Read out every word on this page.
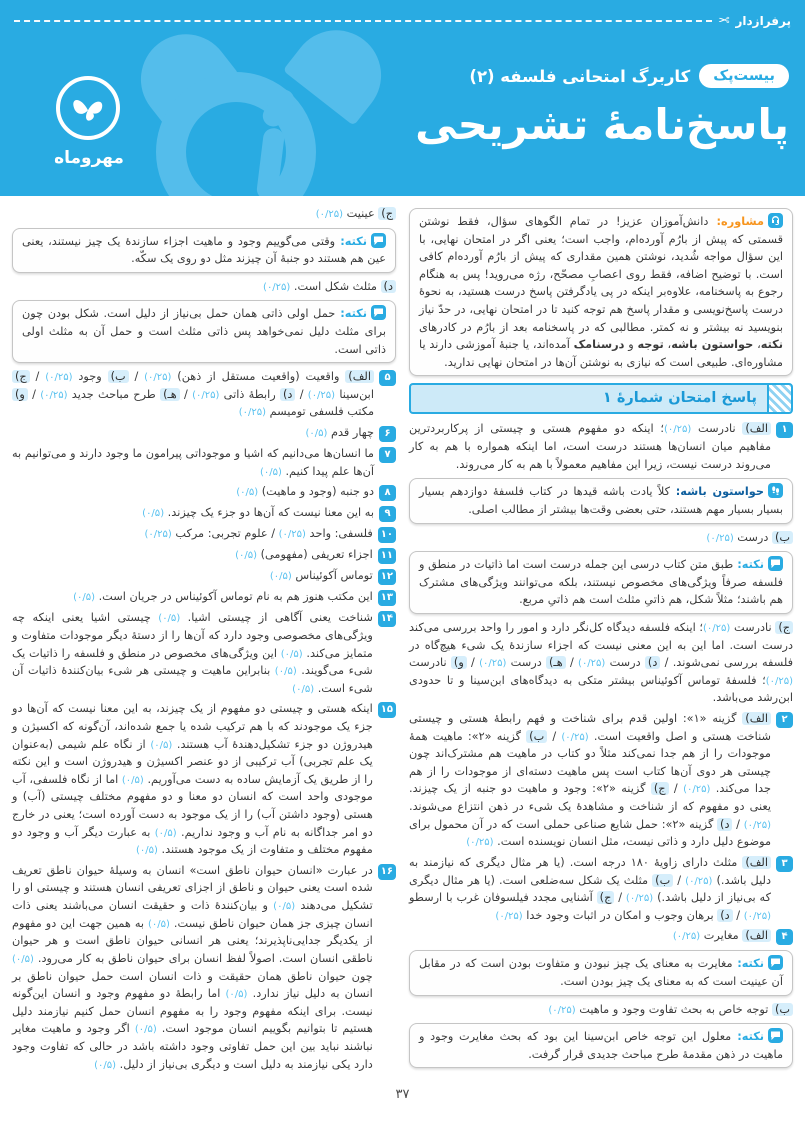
پرفرازدار
✂
مهروماه
بیست‌پک
کاربرگ امتحانی فلسفه (۲)
پاسخ‌نامهٔ تشریحی
مشاوره: دانش‌آموزان عزیز! در تمام الگوهای سؤال، فقط نوشتن قسمتی که پیش از بارُم آورده‌ام، واجب است؛ یعنی اگر در امتحان نهایی، با این سؤال مواجه شُدید، نوشتن همین مقداری که پیش از بارُم آورده‌ام کافی است. با توضیح اضافه، فقط روی اعصابِ مصحّح، رژه می‌روید! پس به هنگام رجوع به پاسخنامه، علاوه‌بر اینکه در پی یادگرفتن پاسخ درست هستید، به نحوهٔ درست پاسخ‌نویسی و مقدار پاسخ هم توجه کنید تا در امتحان نهایی، در حدّ نیاز بنویسید نه بیشتر و نه کمتر. مطالبی که در پاسخنامه بعد از بارُم در کادرهای نکته، حواستون باشه، توجه و درسنامک آمده‌اند، یا جنبهٔ آموزشی دارند یا مشاوره‌ای. طبیعی است که نیازی به نوشتن آن‌ها در امتحان نهایی ندارید.
پاسخ امتحان شمارهٔ ۱
۱
الف) نادرست (۰/۲۵)؛ اینکه دو مفهوم هستی و چیستی از پرکاربردترین مفاهیم میان انسان‌ها هستند درست است، اما اینکه همواره با هم به کار می‌روند درست نیست، زیرا این مفاهیم معمولاً با هم به کار می‌روند.
حواستون باشه: کلاً یادت باشه قیدها در کتاب فلسفهٔ دوازدهم بسیار بسیار بسیار مهم هستند، حتی بعضی وقت‌ها بیشتر از مطالب اصلی.
ب) درست (۰/۲۵)
نکته: طبق متن کتاب درسی این جمله درست است اما ذاتیات در منطق و فلسفه صرفاً ویژگی‌های مخصوص نیستند، بلکه می‌توانند ویژگی‌های مشترک هم باشند؛ مثلاً شکل، هم ذاتیِ مثلث است هم ذاتیِ مربع.
ج) نادرست (۰/۲۵)؛ اینکه فلسفه دیدگاه کل‌نگر دارد و امور را واحد بررسی می‌کند درست است. اما این به این معنی نیست که اجزاء سازندهٔ یک شیء هیچ‌گاه در فلسفه بررسی نمی‌شوند. / د) درست (۰/۲۵) / هـ) درست (۰/۲۵) / و) نادرست (۰/۲۵)؛ فلسفهٔ توماس آکوئیناس بیشتر متکی به دیدگاه‌های ابن‌سینا و تا حدودی ابن‌رشد می‌باشد.
۲
الف) گزینه «۱»: اولین قدم برای شناخت و فهم رابطهٔ هستی و چیستی شناخت هستی و اصل واقعیت است. (۰/۲۵) / ب) گزینه «۲»: ماهیت همهٔ موجودات را از هم جدا نمی‌کند مثلاً دو کتاب در ماهیت هم مشترک‌اند چون چیستی هر دوی آن‌ها کتاب است پس ماهیت دسته‌ای از موجودات را از هم جدا می‌کند. (۰/۲۵) / ج) گزینه «۲»: وجود و ماهیت دو جنبه از یک چیزند. یعنی دو مفهوم که از شناخت و مشاهدهٔ یک شیء در ذهن انتزاع می‌شوند. (۰/۲۵) / د) گزینه «۲»: حمل شایع صناعی حملی است که در آن محمول برای موضوع دلیل دارد و ذاتی نیست، مثل انسان نویسنده است. (۰/۲۵)
۳
الف) مثلث دارای زاویهٔ ۱۸۰ درجه است. (یا هر مثال دیگری که نیازمند به دلیل باشد.) (۰/۲۵) / ب) مثلث یک شکل سه‌ضلعی است. (یا هر مثال دیگری که بی‌نیاز از دلیل باشد.) (۰/۲۵) / ج) آشنایی مجدد فیلسوفان غرب با ارسطو (۰/۲۵) / د) برهان وجوب و امکان در اثبات وجود خدا (۰/۲۵)
۴
الف) مغایرت (۰/۲۵)
نکته: مغایرت به معنای یک چیز نبودن و متفاوت بودن است که در مقابل آن عینیت است که به معنای یک چیز بودن است.
ب) توجه خاص به بحث تفاوت وجود و ماهیت (۰/۲۵)
نکته: معلول این توجه خاص ابن‌سینا این بود که بحث مغایرت وجود و ماهیت در ذهن مقدمهٔ طرح مباحث جدیدی قرار گرفت.
ج) عینیت (۰/۲۵)
نکته: وقتی می‌گوییم وجود و ماهیت اجزاء سازندهٔ یک چیز نیستند، یعنی عین هم هستند دو جنبهٔ آن چیزند مثل دو روی یک سکّه.
د) مثلث شکل است. (۰/۲۵)
نکته: حمل اولی ذاتی همان حمل بی‌نیاز از دلیل است. شکل بودن چون برای مثلث دلیل نمی‌خواهد پس ذاتی مثلث است و حمل آن به مثلث اولی ذاتی است.
۵
الف) واقعیت (واقعیت مستقل از ذهن) (۰/۲۵) / ب) وجود (۰/۲۵) / ج) ابن‌سینا (۰/۲۵) / د) رابطهٔ ذاتی (۰/۲۵) / هـ) طرح مباحث جدید (۰/۲۵) / و) مکتب فلسفی تومیسم (۰/۲۵)
۶
چهار قدم (۰/۵)
۷
ما انسان‌ها می‌دانیم که اشیا و موجوداتی پیرامون ما وجود دارند و می‌توانیم به آن‌ها علم پیدا کنیم. (۰/۵)
۸
دو جنبه (وجود و ماهیت) (۰/۵)
۹
به این معنا نیست که آن‌ها دو جزء یک چیزند. (۰/۵)
۱۰
فلسفی: واحد (۰/۲۵) / علوم تجربی: مرکب (۰/۲۵)
۱۱
اجزاء تعریفی (مفهومی) (۰/۵)
۱۲
توماس آکوئیناس (۰/۵)
۱۳
این مکتب هنوز هم به نام توماس آکوئیناس در جریان است. (۰/۵)
۱۴
شناخت یعنی آگاهی از چیستی اشیا. (۰/۵) چیستی اشیا یعنی اینکه چه ویژگی‌های مخصوصی وجود دارد که آن‌ها را از دستهٔ دیگر موجودات متفاوت و متمایز می‌کند. (۰/۵) این ویژگی‌های مخصوص در منطق و فلسفه را ذاتیات یک شیء می‌گویند. (۰/۵) بنابراین ماهیت و چیستی هر شیء بیان‌کنندهٔ ذاتیات آن شیء است. (۰/۵)
۱۵
اینکه هستی و چیستی دو مفهوم از یک چیزند، به این معنا نیست که آن‌ها دو جزء یک موجودند که با هم ترکیب شده یا جمع شده‌اند، آن‌گونه که اکسیژن و هیدروژن دو جزء تشکیل‌دهندهٔ آب هستند. (۰/۵) از نگاه علم شیمی (به‌عنوان یک علم تجربی) آب ترکیبی از دو عنصر اکسیژن و هیدروژن است و این نکته را از طریق یک آزمایش ساده به دست می‌آوریم. (۰/۵) اما از نگاه فلسفی، آب موجودی واحد است که انسان دو معنا و دو مفهوم مختلف چیستی (آب) و هستی (وجود داشتن آب) را از یک موجود به دست آورده است؛ یعنی در خارج دو امر جداگانه به نام آب و وجود نداریم. (۰/۵) به عبارت دیگر آب و وجود دو مفهوم مختلف و متفاوت از یک موجود هستند. (۰/۵)
۱۶
در عبارت «انسان حیوان ناطق است» انسان به وسیلهٔ حیوان ناطق تعریف شده است یعنی حیوان و ناطق از اجزای تعریفی انسان هستند و چیستی او را تشکیل می‌دهند (۰/۵) و بیان‌کنندهٔ ذات و حقیقت انسان می‌باشند یعنی ذات انسان چیزی جز همان حیوان ناطق نیست. (۰/۵) به همین جهت این دو مفهوم از یکدیگر جدایی‌ناپذیرند؛ یعنی هر انسانی حیوان ناطق است و هر حیوان ناطقی انسان است. اصولاً لفظ انسان برای حیوان ناطق به کار می‌رود. (۰/۵) چون حیوان ناطق همان حقیقت و ذات انسان است حمل حیوان ناطق بر انسان به دلیل نیاز ندارد. (۰/۵) اما رابطهٔ دو مفهوم وجود و انسان این‌گونه نیست. برای اینکه مفهوم وجود را به مفهوم انسان حمل کنیم نیازمند دلیل هستیم تا بتوانیم بگوییم انسان موجود است. (۰/۵) اگر وجود و ماهیت مغایر نباشند نباید بین این حمل تفاوتی وجود داشته باشد در حالی که تفاوت وجود دارد یکی نیازمند به دلیل است و دیگری بی‌نیاز از دلیل. (۰/۵)
۳۷
